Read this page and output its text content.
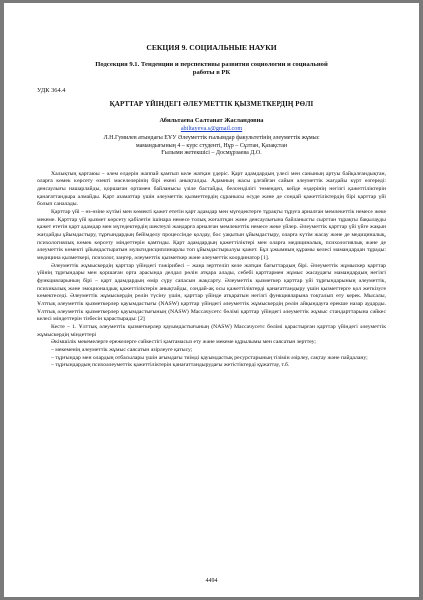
СЕКЦИЯ 9. СОЦИАЛЬНЫЕ НАУКИ
Подсекция 9.1. Тенденции и перспективы развития социологии и социальной
работы в РК
УДК 364.4
ҚАРТТАР ҮЙІНДЕГІ ӘЛЕУМЕТТІК ҚЫЗМЕТКЕРДІҢ РӨЛІ
Абильтаева Салтанат Жасландовна
abiltayeva.s@gmail.com
Л.Н.Гумилев атындағы ЕҰУ Әлеуметтік ғылымдар факультетінің әлеуметтік жұмыс
мамандығының 4 – курс студенті, Нұр – Сұлтан, Қазақстан
Ғылыми жетекшісі – Досмұрзаева Д.О.

Халықтың қартаюы – әлем елдерін жаппай қамтып келе жатқан үдеріс. Қарт адамдардың үлесі мен санының артуы байқалғандықтан, оларға көмек көрсету өзекті мәселелерінің бірі екені анықталды. Адамның жасы ұлғайған сайын әлеуметтік жағдайы күрт өзгереді: денсаулығы нашарлайды, қоршаған ортамен байланысы үзіле бастайды, белсенділігі төмендеп, кейде өздерінің негізгі қажеттіліктерін қанағаттандыра алмайды. Қарт азаматтар үшін әлеуметтік қызметтердің сұранысы өсуде және де сондай қажеттіліктердің бірі қарттар үйі болып саналады.

Қарттар үйі – өз-өзіне күтімі мен көмекті қажет ететін қарт адамдар мен мүгедектерге тұрақты тұруға арналған мемлекеттік немесе жеке мекеме. Қарттар үйі қызмет көрсету қабілетін ішінара немесе толық жоғалтқан және денсаулығына байланысты сырттан тұрақты бақылауды қажет ететін қарт адамдар мен мүгедектердің шектеулі жандарға арналған мемлекеттік немесе жеке үйлер. Әлеуметтік қарттар үйі үйге жақын жағдайды ұйымдастыру, тұрғындардың бейімделу процессінде қолдау, бос уақытын ұйымдастыру, оларға күтім жасау және де медициналық, психологиялық көмек көрсету міндеттерін қамтиды. Қарт адамдардың қажеттіліктері мен оларға медициналық, психологиялық және де әлеуметтік көмекті ұйымдастыратын мультидисциплинарлы топ ұйымдастырылуы қажет. Бұл ұжымның құрамы келесі мамандардан тұрады: медицина қызметкері, психолог, заңгер, әлеуметтік қызметкер және әлеуметтік координатор [1].

Әлеуметтік жұмыскердің қарттар үйіндегі тәжірибесі – жаңа зерттеліп келе жатқан бағыттардың бірі. Әлеуметтік жұмыскер қарттар үйінің тұрғындары мен қоршаған орта арасында делдал рөлін атқара алады, себебі қарттармен жұмыс жасаудағы мамандардың негізгі функцияларының бірі – қарт адамдардың өмір сүру сапасын жақсарту. Әлеуметтік қызметкер қарттар үйі тұрғындарының әлеуметтік, психикалық және эмоционалдық қажеттіліктерін анықтайды, сондай-ақ осы қажеттіліктерді қанағаттандыру үшін қызметтерге қол жеткізуге көмектеседі. Әлеуметтік жұмыскердің рөлін түсіну үшін, қарттар үйінде атқаратын негізгі функцияларына тоқталып өту керек. Мысалы, Ұлттық әлеуметтік қызметкерлер қауымдастығы (NASW) қарттар үйіндегі әлеуметтік жұмыскердің рөлін айқындауға ерекше назар аударды. Ұлттық әлеуметтік қызметкерлер қауымдастығының (NASW) Массачусетс бөлімі қарттар үйіндегі әлеуметтік жұмыс стандарттарына сәйкес келесі міндеттерін тізбесін қарастырады: [2]

Кесте – 1. Ұлттық әлеуметтік қызметкерлер қауымдастығының (NASW) Массачусетс бөлімі қарастырған қарттар үйіндегі әлеуметтік жұмыскердің міндеттері

Әкімшілік мекемелерге ережелерге сәйкестігі қамтамасыз ету және мекеме құрылымы мен саясатын зерттеу;

– мекеменің әлеуметтік жұмыс саясатын әзірлеуге қатысу;

– тұрғындар мен олардың отбасылары үшін ағымдағы тиімді қауымдастық ресурстарының тізімін әзірлеу, сақтау және пайдалану;

– тұрғындардың психоәлеуметтік қажеттіліктерін қанағаттандырудағы жетістіктерді құжаттау, т.б.

4494
